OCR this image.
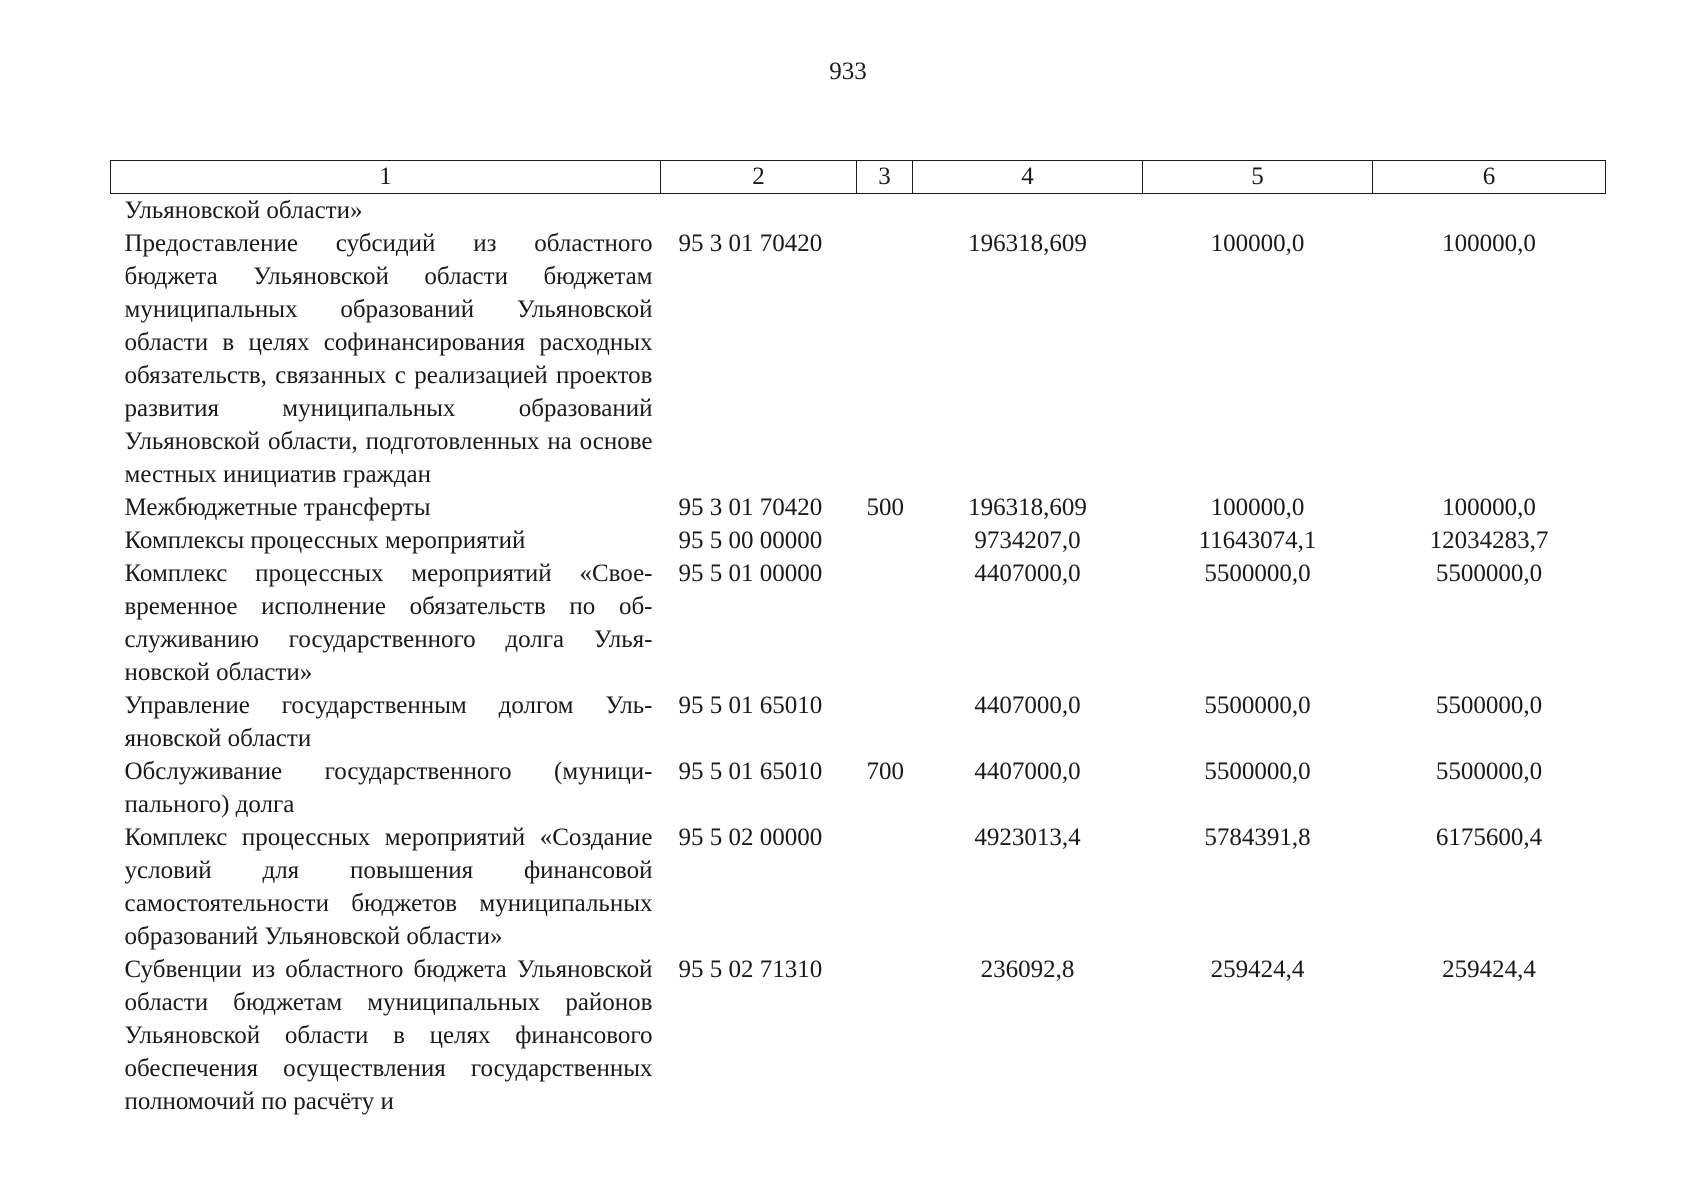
933
1	2	3	4	5	6
Ульяновской области»					
Предоставление субсидий из областного бюджета Ульяновской области бюджетам муниципальных образований Ульяновской области в целях софинансирования расходных обязательств, связанных с реализацией проектов развития муниципальных образований Ульяновской области, подготовленных на основе местных инициатив граждан	95 3 01 70420		196318,609	100000,0	100000,0
Межбюджетные трансферты	95 3 01 70420	500	196318,609	100000,0	100000,0
Комплексы процессных мероприятий	95 5 00 00000		9734207,0	11643074,1	12034283,7
Комплекс процессных мероприятий «Своевременное исполнение обязательств по обслуживанию государственного долга Ульяновской области»	95 5 01 00000		4407000,0	5500000,0	5500000,0
Управление государственным долгом Ульяновской области	95 5 01 65010		4407000,0	5500000,0	5500000,0
Обслуживание государственного (муниципального) долга	95 5 01 65010	700	4407000,0	5500000,0	5500000,0
Комплекс процессных мероприятий «Создание условий для повышения финансовой самостоятельности бюджетов муниципальных образований Ульяновской области»	95 5 02 00000		4923013,4	5784391,8	6175600,4
Субвенции из областного бюджета Ульяновской области бюджетам муниципальных районов Ульяновской области в целях финансового обеспечения осуществления государственных полномочий по расчёту и	95 5 02 71310		236092,8	259424,4	259424,4
